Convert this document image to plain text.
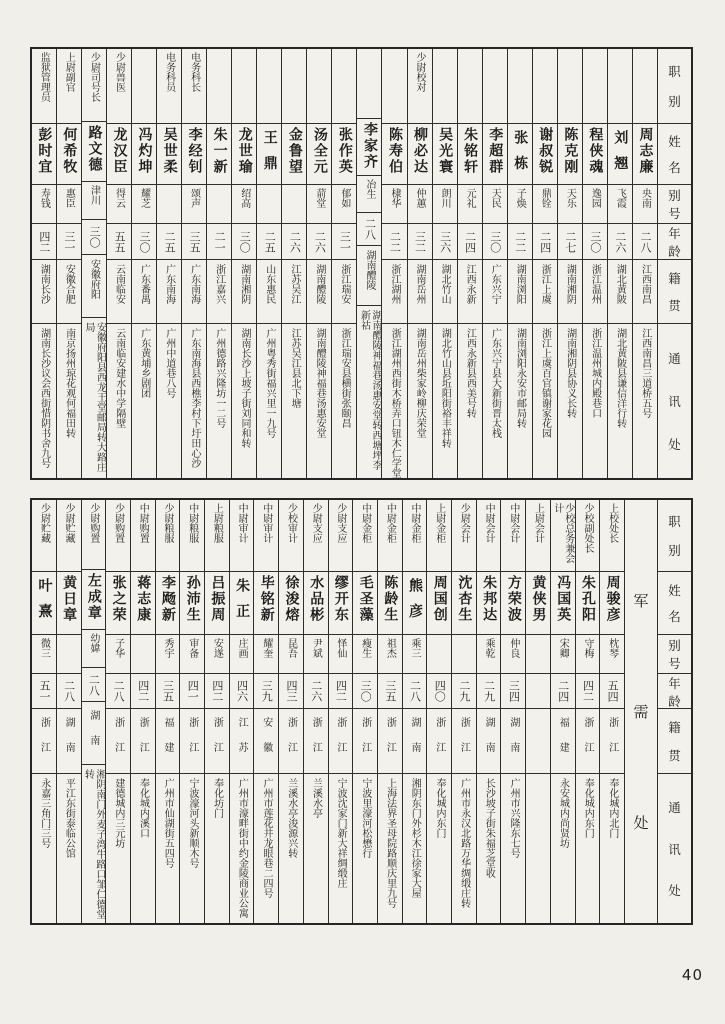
职
别
姓
名
别
号
年
龄
籍
贯
通
讯
处
周志廉
央南
二八
江西南昌
江西南昌三道桥五号
刘翘
飞霞
二六
湖北黄陂
湖北黄陂县谦信洋行转
程侠魂
逸园
三〇
浙江温州
浙江温州城内殿巷口
陈克刚
天乐
二七
湖南湘阴
湖南湘阴县协义长转
谢叔锐
鼎铨
二四
浙江上虞
浙江上虞百官镇谢家花园
张栋
子焕
二二
湖南浏阳
湖南浏阳永安市邮局转
李超群
天民
三〇
广东兴宁
广东兴宁县大新街晋太栈
朱铭轩
元礼
二四
江西永新
江西永新县西美号转
吴光寰
朗川
三六
湖北竹山
湖北竹山县坵阳街裕丰祥转
少尉校对
柳必达
仲蕙
三二
湖南岳州
湖南岳州柴家岭柳庆荣堂
陈寿伯
棣华
二二
浙江湖州
浙江湖州西街木桥弄口钮木仁学堂
李家齐
冶生
二八
湖南醴陵
湖南醴陵神福巷汤惠安堂转西塘坪李新祜
张作英
郁如
三一
浙江瑞安
浙江瑞安县横街张颐昌
汤全元
葥堂
二六
湖南醴陵
湖南醴陵神福巷汤惠安堂
金鲁望
二六
江苏吴江
江苏吴江县北下塘
王鼎
二五
山东惠民
广州粤秀街福兴里一九号
龙世瑜
绍高
三〇
湖南湘阴
湖南长沙上坡子街刘同和转
朱一新
二一
浙江嘉兴
广州德路兴隆坊一二号
电务科长
李经钊
颂声
三五
广东南海
广东南海县西樵李村下圩田心沙
电务科员
吴世柔
二五
广东南海
广州中道巷八号
冯灼坤
耀芝
三〇
广东番禺
广东黄埔乡剧团
少尉兽医
龙汉臣
得云
五五
云南临安
云南临安建水中学隔壁
少尉司号长
路文德
津川
三〇
安徽府阳
安徽府阳县西龙王堂邮局转大路庄局
上尉副官
何希牧
惠臣
三一
安徽合肥
南京扬州琼花观何福田转
监狱管理员
彭时宜
寿钱
四二
湖南长沙
湖南长沙议会西街惜阴书舍九号
职
别
姓
名
别
号
年
龄
籍
贯
通
讯
处
军
需
处
上校处长
周骏彦
枕琴
五四
浙江
奉化城内北门
少校副处长
朱孔阳
守梅
四二
浙江
奉化城内东门
少校总务兼会计
冯国英
宋卿
二四
福建
永安城内尚贤坊
上尉会计
黄侠男
中尉会计
方荣波
仲良
三四
湖南
广州市兴隆东七号
中尉会计
朱邦达
乘乾
二九
湖南
长沙坡子街朱福芝堂收
少尉会计
沈杏生
二九
浙江
广州市永汉北路万华绸缎庄转
上尉金柜
周国创
四〇
浙江
奉化城内东门
中尉金柜
熊彦
乘三
二八
湖南
湘阴东门外杉木江徐家大屋
中尉金柜
陈龄生
祖杰
三五
浙江
上海法界圣母院路顺庆里九号
中尉金柜
毛圣藻
瘦生
三〇
浙江
宁波里濠河松懋行
少尉支应
缪开东
怿仙
四二
浙江
宁波沈家门新大祥绸缎庄
少尉支应
水品彬
尹斌
二六
浙江
兰溪水亭
少校审计
徐浚熔
昆吾
四三
浙江
兰溪水亭浚源兴转
中尉审计
毕铭新
耀奎
三九
安徽
广州市莲花井龙眼巷二四号
中尉审计
朱正
庄画
四六
江苏
广州市濠畔街中约金陵商业公寓
上尉粮服
吕振周
安遂
四二
浙江
奉化坊门
中尉粮服
孙沛生
审备
四一
浙江
宁波濠河头新顺木号
少尉粮服
李飏新
秀宇
三五
福建
广州市仙湖街五四号
中尉购置
蒋志康
四二
浙江
奉化城内溪口
少尉购置
张之荣
子华
二八
浙江
建德城内三元坊
少尉购置
左成章
幼媁
二八
湖南
湘阴南门外麦子湾牛路口邹仁德堂转
少尉贮藏
黄日章
二八
湖南
平江东街泰临公馆
少尉贮藏
叶熹
微三
五一
浙江
永嘉三角门三号
40
